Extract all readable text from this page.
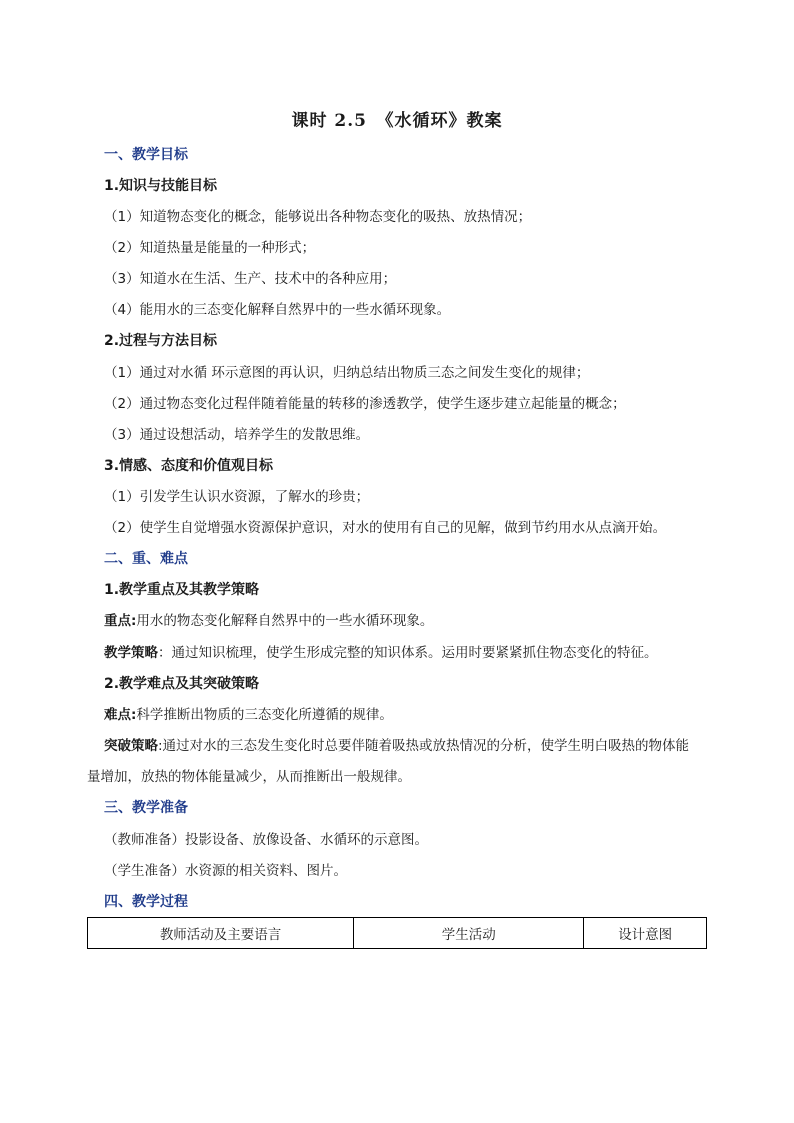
课时 2.5　《水循环》教案
一、教学目标
1.知识与技能目标
（1）知道物态变化的概念，能够说出各种物态变化的吸热、放热情况；
（2）知道热量是能量的一种形式；
（3）知道水在生活、生产、技术中的各种应用；
（4）能用水的三态变化解释自然界中的一些水循环现象。
2.过程与方法目标
（1）通过对水循 环示意图的再认识，归纳总结出物质三态之间发生变化的规律；
（2）通过物态变化过程伴随着能量的转移的渗透教学，使学生逐步建立起能量的概念；
（3）通过设想活动，培养学生的发散思维。
3.情感、态度和价值观目标
（1）引发学生认识水资源，了解水的珍贵；
（2）使学生自觉增强水资源保护意识，对水的使用有自己的见解，做到节约用水从点滴开始。
二、重、难点
1.教学重点及其教学策略
重点:用水的物态变化解释自然界中的一些水循环现象。
教学策略：通过知识梳理，使学生形成完整的知识体系。运用时要紧紧抓住物态变化的特征。
2.教学难点及其突破策略
难点:科学推断出物质的三态变化所遵循的规律。
突破策略:通过对水的三态发生变化时总要伴随着吸热或放热情况的分析，使学生明白吸热的物体能
量增加，放热的物体能量减少，从而推断出一般规律。
三、教学准备
（教师准备）投影设备、放像设备、水循环的示意图。
（学生准备）水资源的相关资料、图片。
四、教学过程
教师活动及主要语言	学生活动	设计意图
